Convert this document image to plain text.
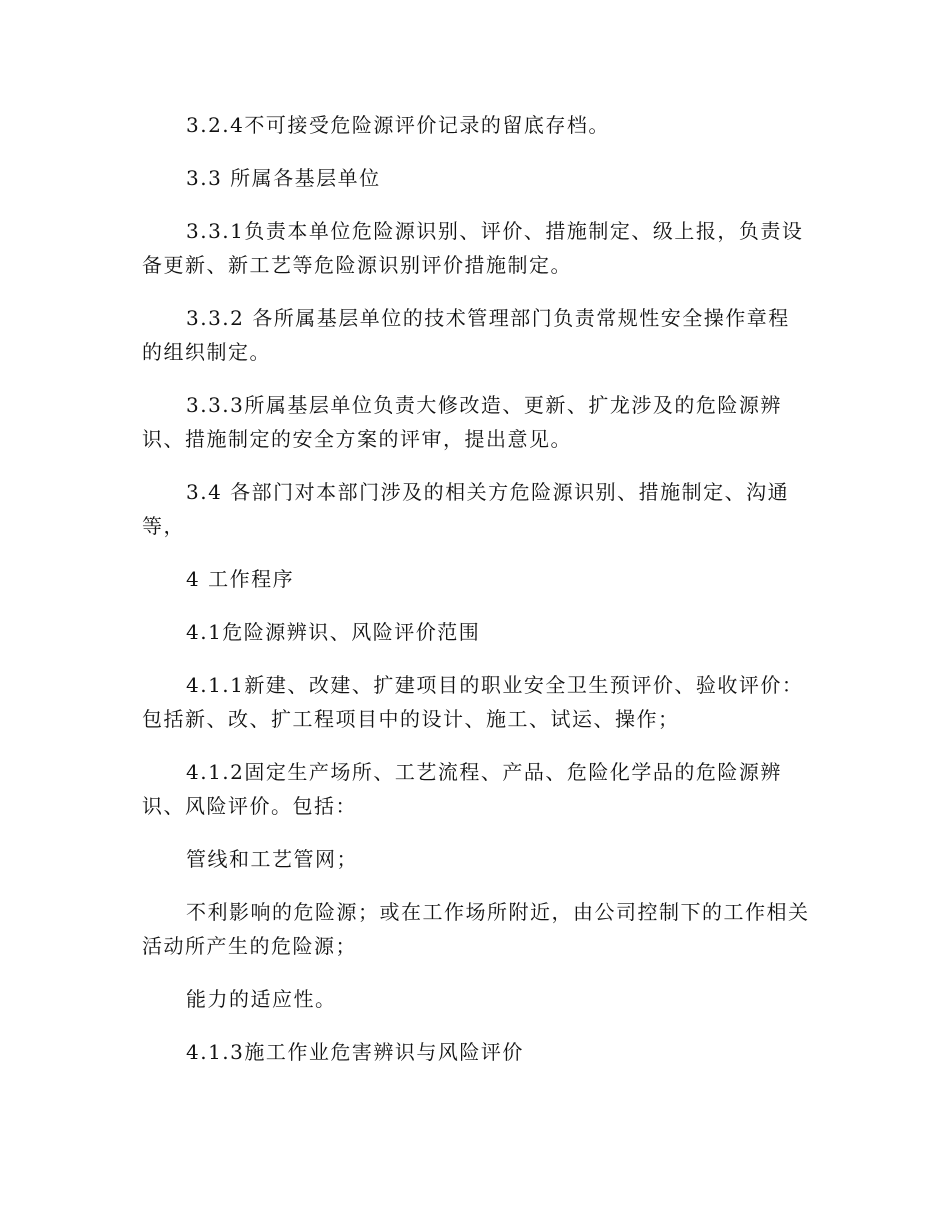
3.2.4不可接受危险源评价记录的留底存档。

3.3 所属各基层单位

3.3.1负责本单位危险源识别、评价、措施制定、级上报，负责设备更新、新工艺等危险源识别评价措施制定。

3.3.2 各所属基层单位的技术管理部门负责常规性安全操作章程的组织制定。

3.3.3所属基层单位负责大修改造、更新、扩龙涉及的危险源辨识、措施制定的安全方案的评审，提出意见。

3.4 各部门对本部门涉及的相关方危险源识别、措施制定、沟通等，

4 工作程序

4.1危险源辨识、风险评价范围

4.1.1新建、改建、扩建项目的职业安全卫生预评价、验收评价：包括新、改、扩工程项目中的设计、施工、试运、操作；

4.1.2固定生产场所、工艺流程、产品、危险化学品的危险源辨识、风险评价。包括：

管线和工艺管网；

不利影响的危险源；或在工作场所附近，由公司控制下的工作相关活动所产生的危险源；

能力的适应性。

4.1.3施工作业危害辨识与风险评价
